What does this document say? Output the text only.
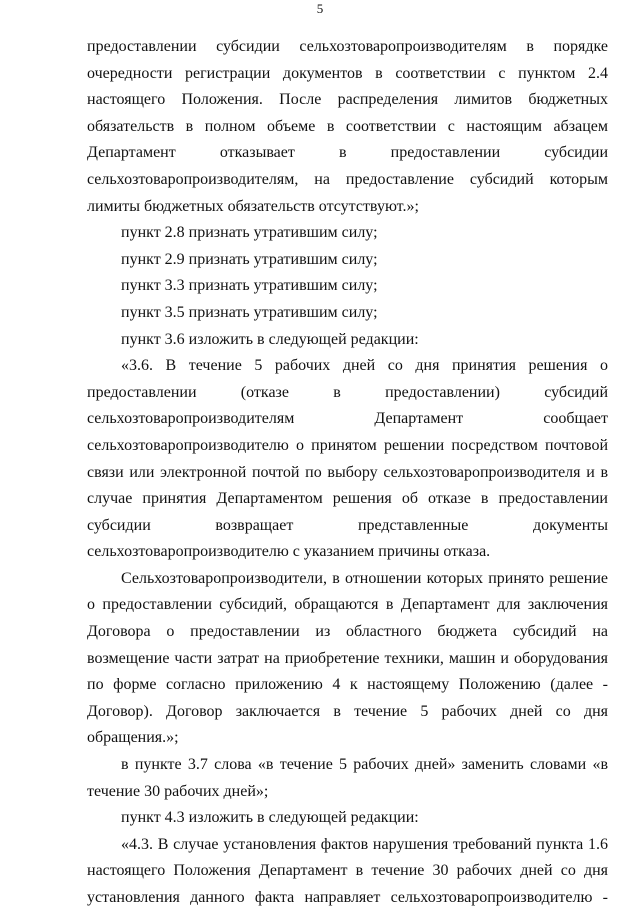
5

предоставлении субсидии сельхозтоваропроизводителям в порядке очередности регистрации документов в соответствии с пунктом 2.4 настоящего Положения. После распределения лимитов бюджетных обязательств в полном объеме в соответствии с настоящим абзацем Департамент отказывает в предоставлении субсидии сельхозтоваропроизводителям, на предоставление субсидий которым лимиты бюджетных обязательств отсутствуют.»;

пункт 2.8 признать утратившим силу;

пункт 2.9 признать утратившим силу;

пункт 3.3 признать утратившим силу;

пункт 3.5 признать утратившим силу;

пункт 3.6 изложить в следующей редакции:

«3.6. В течение 5 рабочих дней со дня принятия решения о предоставлении (отказе в предоставлении) субсидий сельхозтоваропроизводителям Департамент сообщает сельхозтоваропроизводителю о принятом решении посредством почтовой связи или электронной почтой по выбору сельхозтоваропроизводителя и в случае принятия Департаментом решения об отказе в предоставлении субсидии возвращает представленные документы сельхозтоваропроизводителю с указанием причины отказа.

Сельхозтоваропроизводители, в отношении которых принято решение о предоставлении субсидий, обращаются в Департамент для заключения Договора о предоставлении из областного бюджета субсидий на возмещение части затрат на приобретение техники, машин и оборудования по форме согласно приложению 4 к настоящему Положению (далее - Договор). Договор заключается в течение 5 рабочих дней со дня обращения.»;

в пункте 3.7 слова «в течение 5 рабочих дней» заменить словами «в течение 30 рабочих дней»;

пункт 4.3 изложить в следующей редакции:

«4.3. В случае установления фактов нарушения требований пункта 1.6 настоящего Положения Департамент в течение 30 рабочих дней со дня установления данного факта направляет сельхозтоваропроизводителю -
